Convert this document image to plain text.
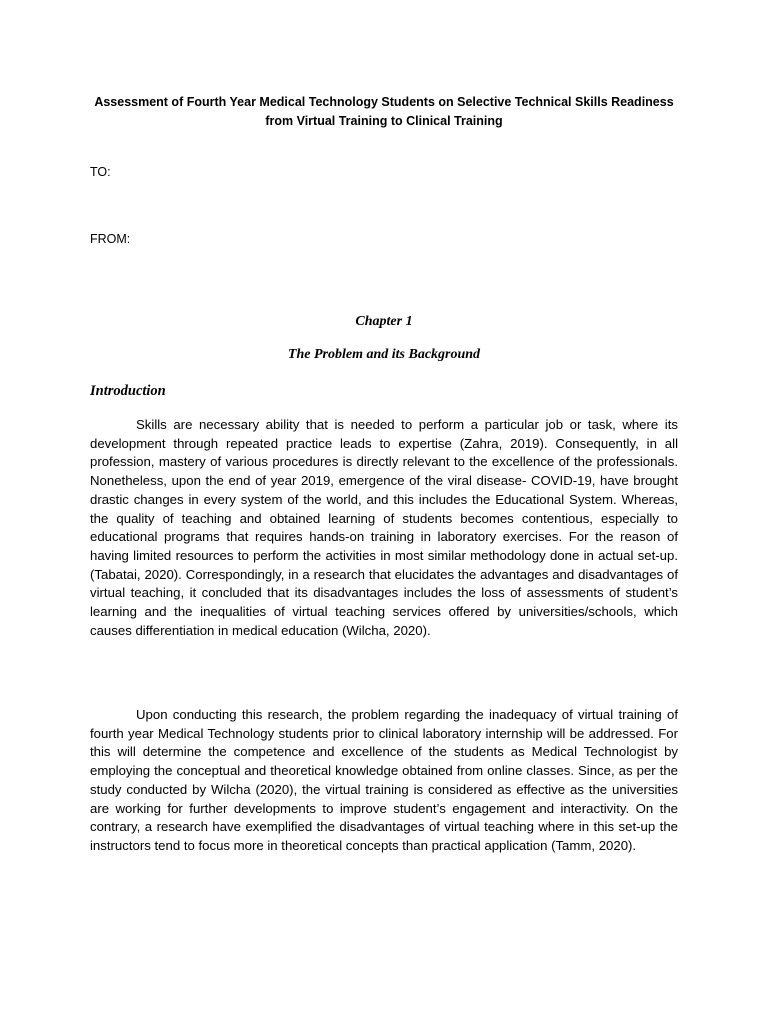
Assessment of Fourth Year Medical Technology Students on Selective Technical Skills Readiness from Virtual Training to Clinical Training
TO:
FROM:
Chapter 1
The Problem and its Background
Introduction

Skills are necessary ability that is needed to perform a particular job or task, where its development through repeated practice leads to expertise (Zahra, 2019). Consequently, in all profession, mastery of various procedures is directly relevant to the excellence of the professionals. Nonetheless, upon the end of year 2019, emergence of the viral disease- COVID-19, have brought drastic changes in every system of the world, and this includes the Educational System. Whereas, the quality of teaching and obtained learning of students becomes contentious, especially to educational programs that requires hands-on training in laboratory exercises. For the reason of having limited resources to perform the activities in most similar methodology done in actual set-up. (Tabatai, 2020). Correspondingly, in a research that elucidates the advantages and disadvantages of virtual teaching, it concluded that its disadvantages includes the loss of assessments of student’s learning and the inequalities of virtual teaching services offered by universities/schools, which causes differentiation in medical education (Wilcha, 2020).

Upon conducting this research, the problem regarding the inadequacy of virtual training of fourth year Medical Technology students prior to clinical laboratory internship will be addressed. For this will determine the competence and excellence of the students as Medical Technologist by employing the conceptual and theoretical knowledge obtained from online classes. Since, as per the study conducted by Wilcha (2020), the virtual training is considered as effective as the universities are working for further developments to improve student’s engagement and interactivity. On the contrary, a research have exemplified the disadvantages of virtual teaching where in this set-up the instructors tend to focus more in theoretical concepts than practical application (Tamm, 2020).
